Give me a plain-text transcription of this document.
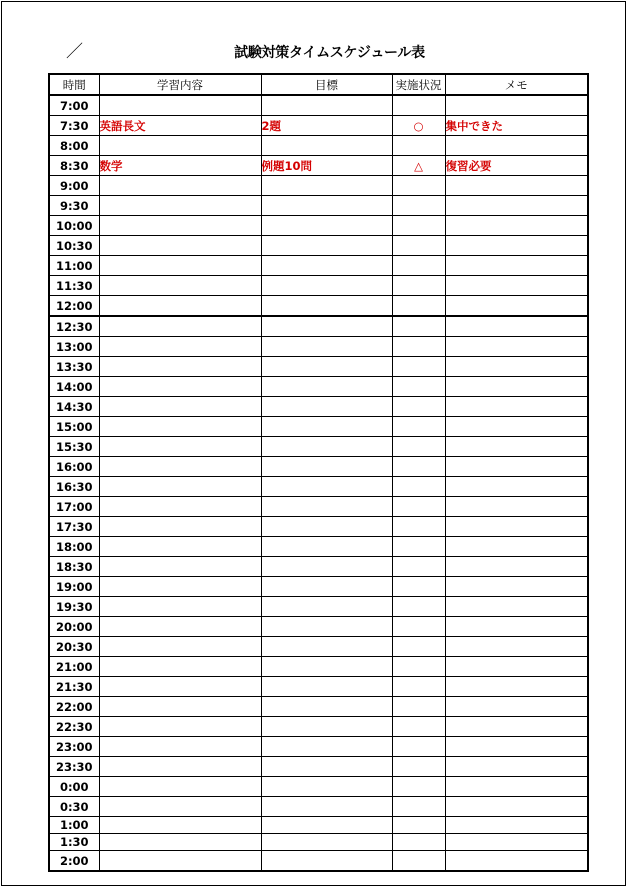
／	試験対策タイムスケジュール表
時間	学習内容	目標	実施状況	メモ
7:00				
7:30	英語長文	2題	○	集中できた
8:00				
8:30	数学	例題10問	△	復習必要
9:00				
9:30				
10:00				
10:30				
11:00				
11:30				
12:00				
12:30				
13:00				
13:30				
14:00				
14:30				
15:00				
15:30				
16:00				
16:30				
17:00				
17:30				
18:00				
18:30				
19:00				
19:30				
20:00				
20:30				
21:00				
21:30				
22:00				
22:30				
23:00				
23:30				
0:00				
0:30				
1:00				
1:30				
2:00				
